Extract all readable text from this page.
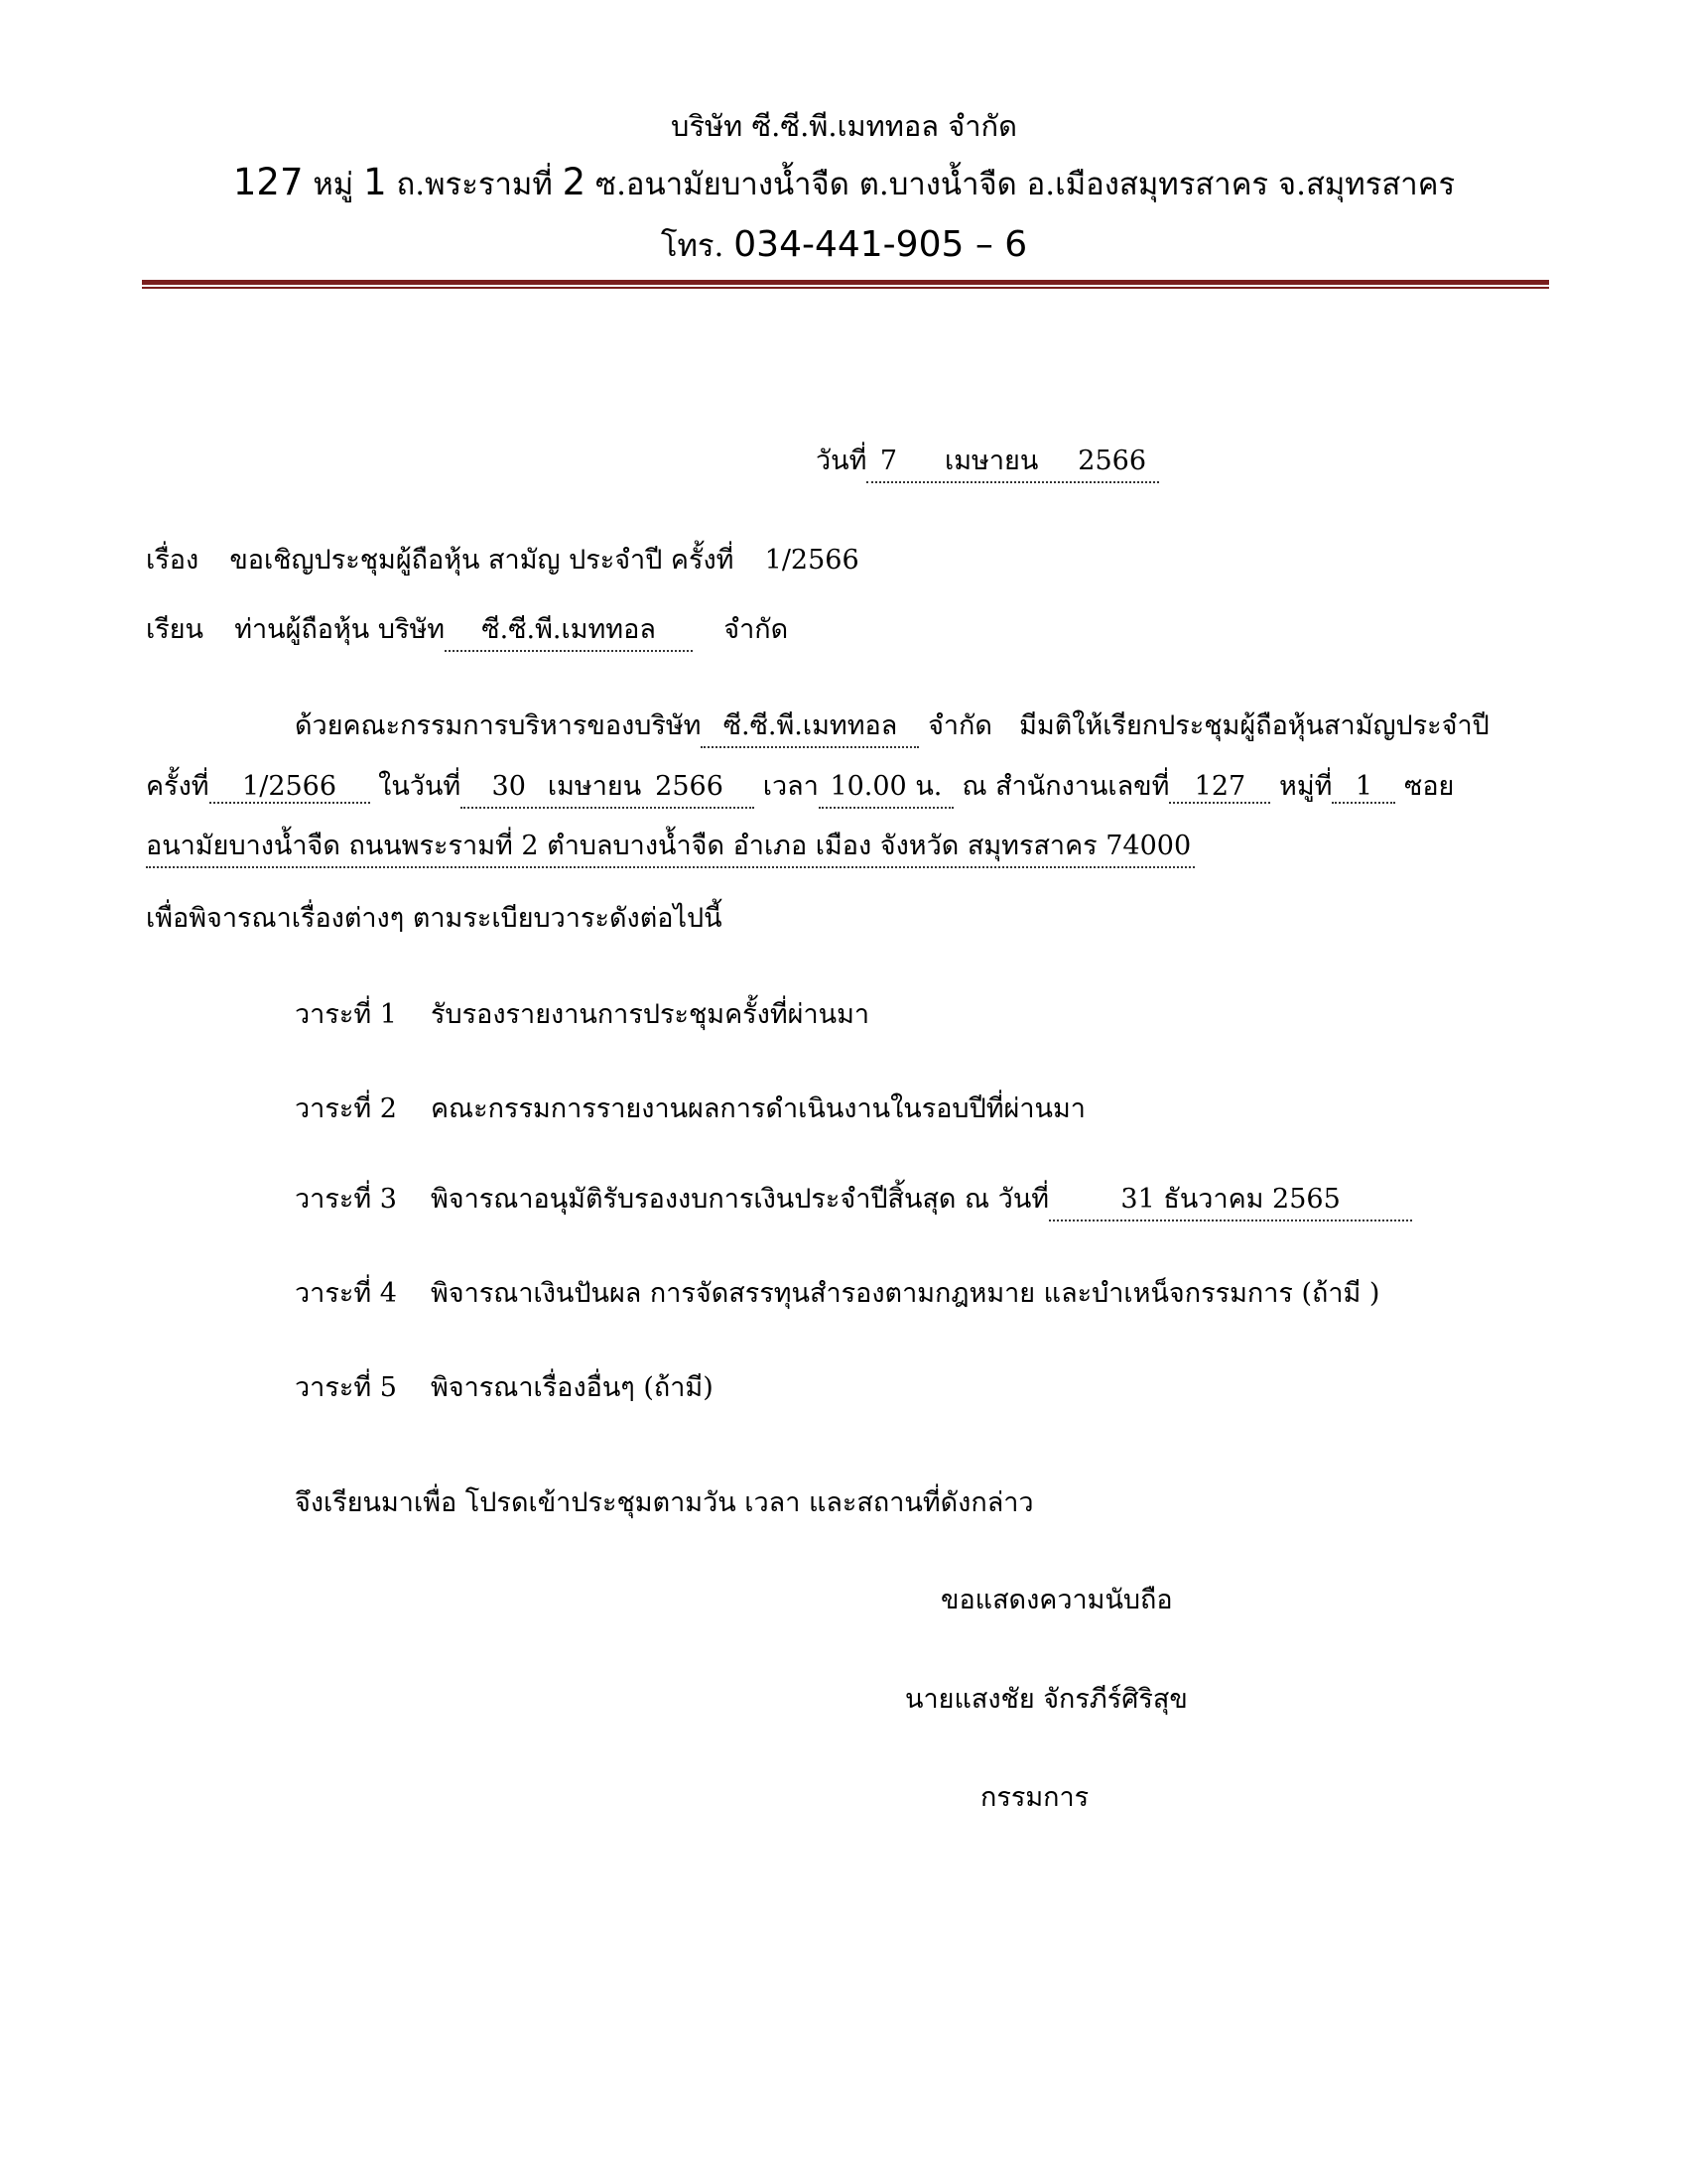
บริษัท ซี.ซี.พี.เมททอล จำกัด
127 หมู่ 1 ถ.พระรามที่ 2 ซ.อนามัยบางน้ำจืด ต.บางน้ำจืด อ.เมืองสมุทรสาคร จ.สมุทรสาคร
โทร. 034-441-905 – 6
วันที่ 7 เมษายน 2566
เรื่อง ขอเชิญประชุมผู้ถือหุ้น สามัญ ประจำปี ครั้งที่ 1/2566
เรียน ท่านผู้ถือหุ้น บริษัท ซี.ซี.พี.เมททอล	จำกัด
ด้วยคณะกรรมการบริหารของบริษัท ซี.ซี.พี.เมททอล จำกัด มีมติให้เรียกประชุมผู้ถือหุ้นสามัญประจำปี
ครั้งที่ 1/2566 ในวันที่ 30 เมษายน 2566 เวลา 10.00 น. ณ สำนักงานเลขที่ 127 หมู่ที่ 1 ซอย
อนามัยบางน้ำจืด ถนนพระรามที่ 2 ตำบลบางน้ำจืด อำเภอ เมือง จังหวัด สมุทรสาคร 74000
เพื่อพิจารณาเรื่องต่างๆ ตามระเบียบวาระดังต่อไปนี้
วาระที่ 1 รับรองรายงานการประชุมครั้งที่ผ่านมา
วาระที่ 2 คณะกรรมการรายงานผลการดำเนินงานในรอบปีที่ผ่านมา
วาระที่ 3 พิจารณาอนุมัติรับรองงบการเงินประจำปีสิ้นสุด ณ วันที่	31 ธันวาคม 2565
วาระที่ 4 พิจารณาเงินปันผล การจัดสรรทุนสำรองตามกฎหมาย และบำเหน็จกรรมการ (ถ้ามี )
วาระที่ 5 พิจารณาเรื่องอื่นๆ (ถ้ามี)
จึงเรียนมาเพื่อ โปรดเข้าประชุมตามวัน เวลา และสถานที่ดังกล่าว
ขอแสดงความนับถือ
นายแสงชัย จักรภีร์ศิริสุข
กรรมการ
